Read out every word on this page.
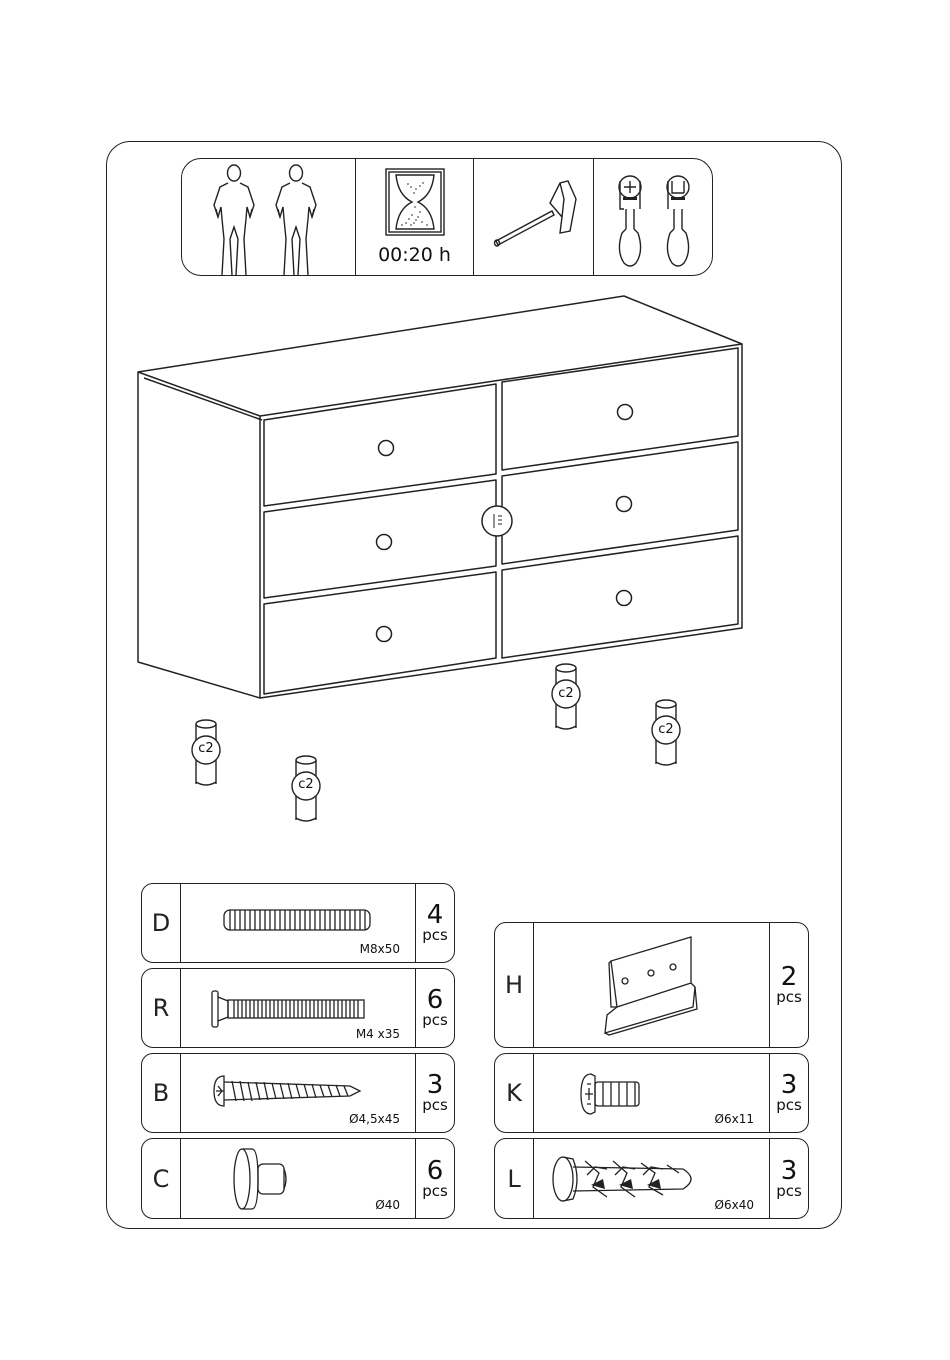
00:20 h
c2
c2
c2
c2
D
M8x50
4
pcs
R
M4 x35
6
pcs
B
Ø4,5x45
3
pcs
C
Ø40
6
pcs
H	2
pcs
K
Ø6x11
3
pcs
L
Ø6x40
3
pcs
